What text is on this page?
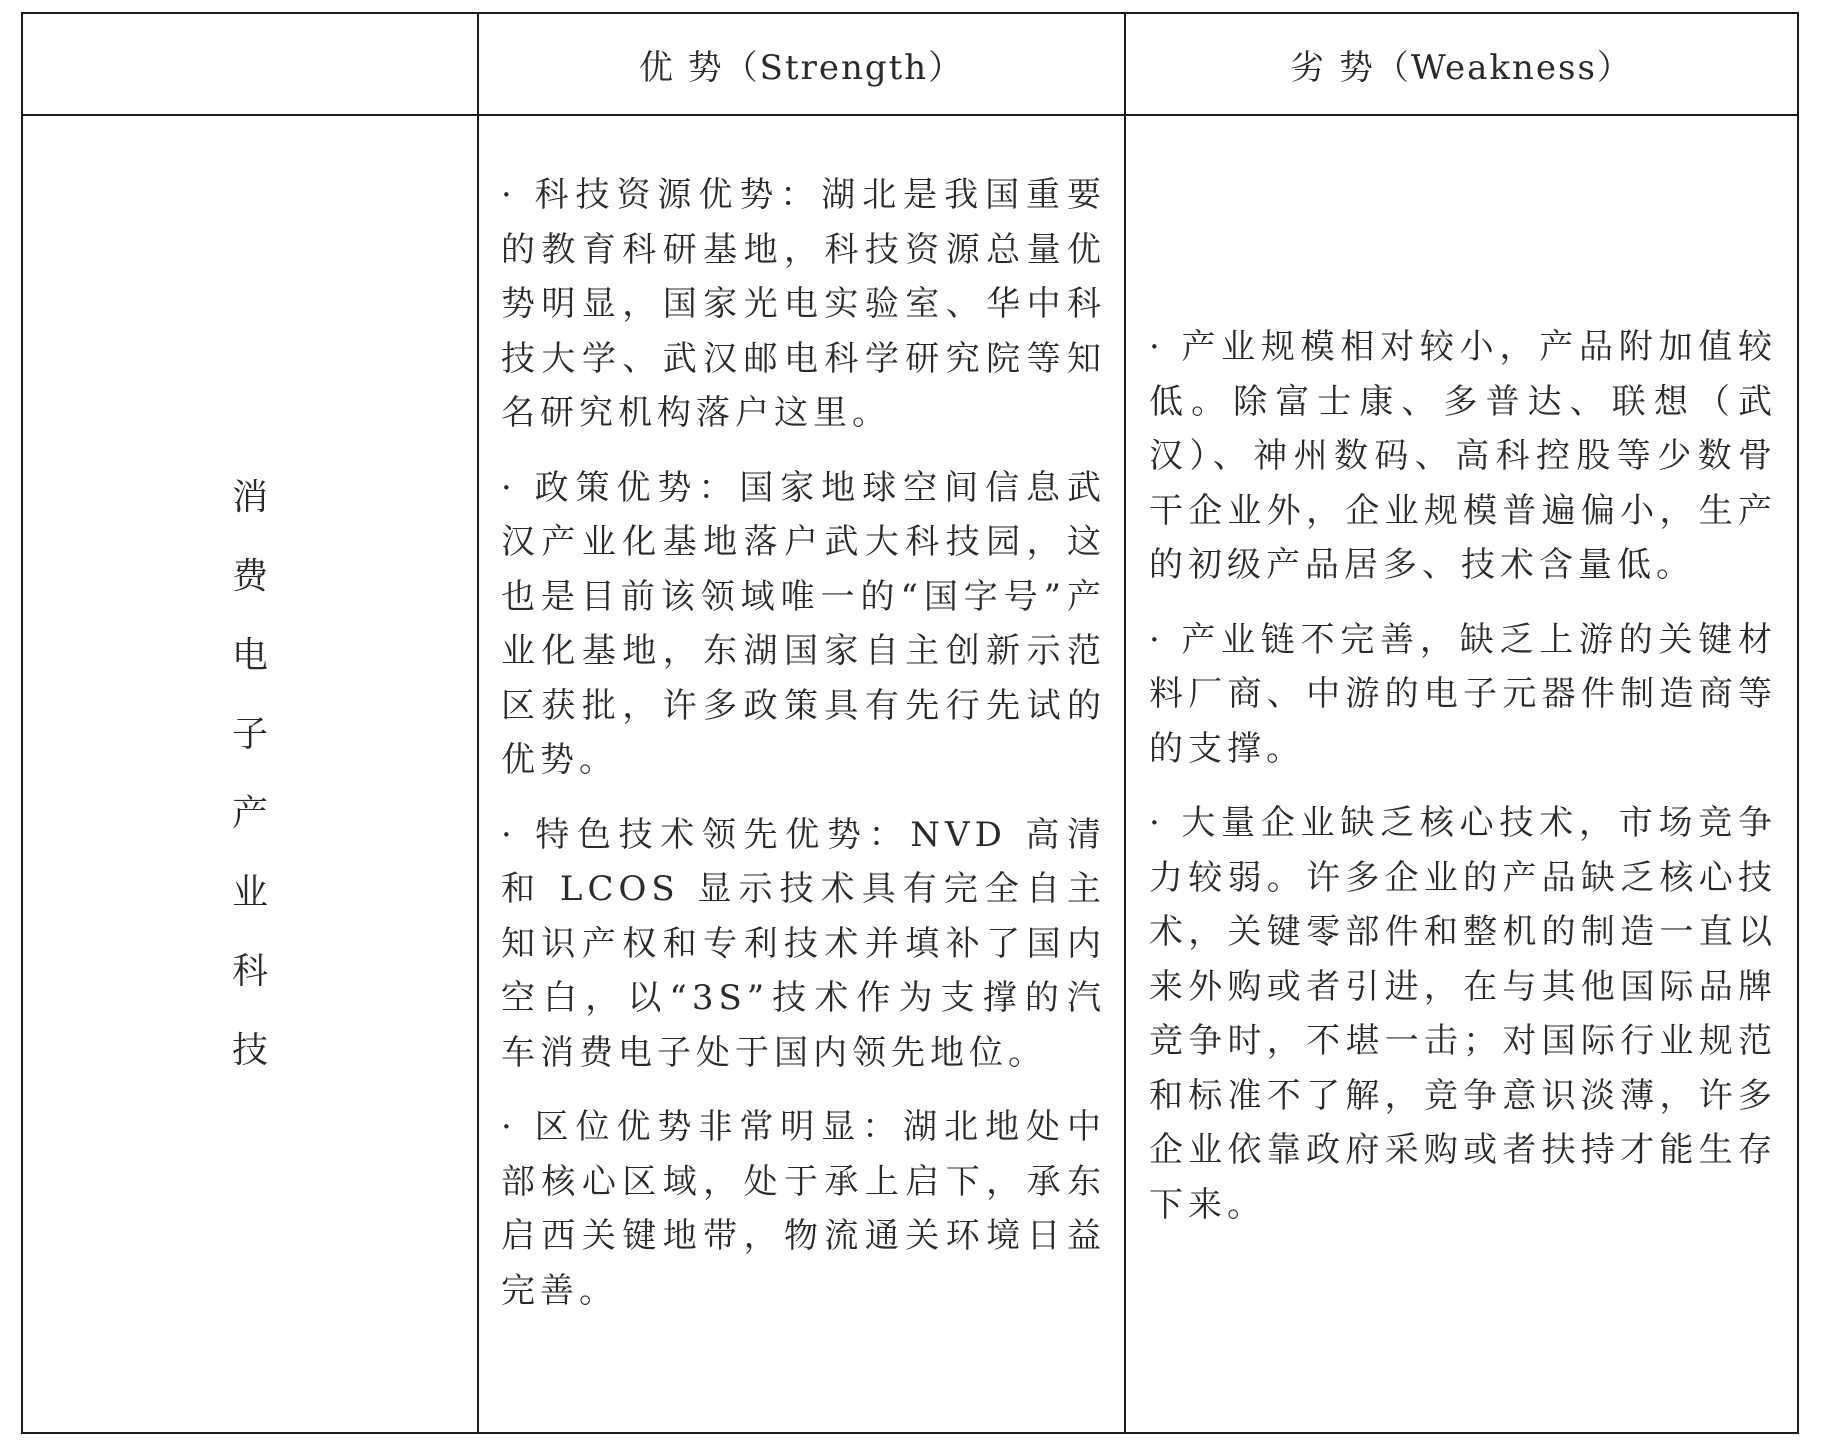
优 势（Strength）	劣 势（Weakness）
消
费
电
子
产
业
科
技

· 科技资源优势：湖北是我国重要的教育科研基地，科技资源总量优势明显，国家光电实验室、华中科技大学、武汉邮电科学研究院等知名研究机构落户这里。

· 政策优势：国家地球空间信息武汉产业化基地落户武大科技园，这也是目前该领域唯一的“国字号”产业化基地，东湖国家自主创新示范区获批，许多政策具有先行先试的优势。

· 特色技术领先优势：NVD 高清和 LCOS 显示技术具有完全自主知识产权和专利技术并填补了国内空白，以“3S”技术作为支撑的汽车消费电子处于国内领先地位。

· 区位优势非常明显：湖北地处中部核心区域，处于承上启下，承东启西关键地带，物流通关环境日益完善。

· 产业规模相对较小，产品附加值较低。除富士康、多普达、联想（武汉）、神州数码、高科控股等少数骨干企业外，企业规模普遍偏小，生产的初级产品居多、技术含量低。

· 产业链不完善，缺乏上游的关键材料厂商、中游的电子元器件制造商等的支撑。

· 大量企业缺乏核心技术，市场竞争力较弱。许多企业的产品缺乏核心技术，关键零部件和整机的制造一直以来外购或者引进，在与其他国际品牌竞争时，不堪一击；对国际行业规范和标准不了解，竞争意识淡薄，许多企业依靠政府采购或者扶持才能生存下来。
